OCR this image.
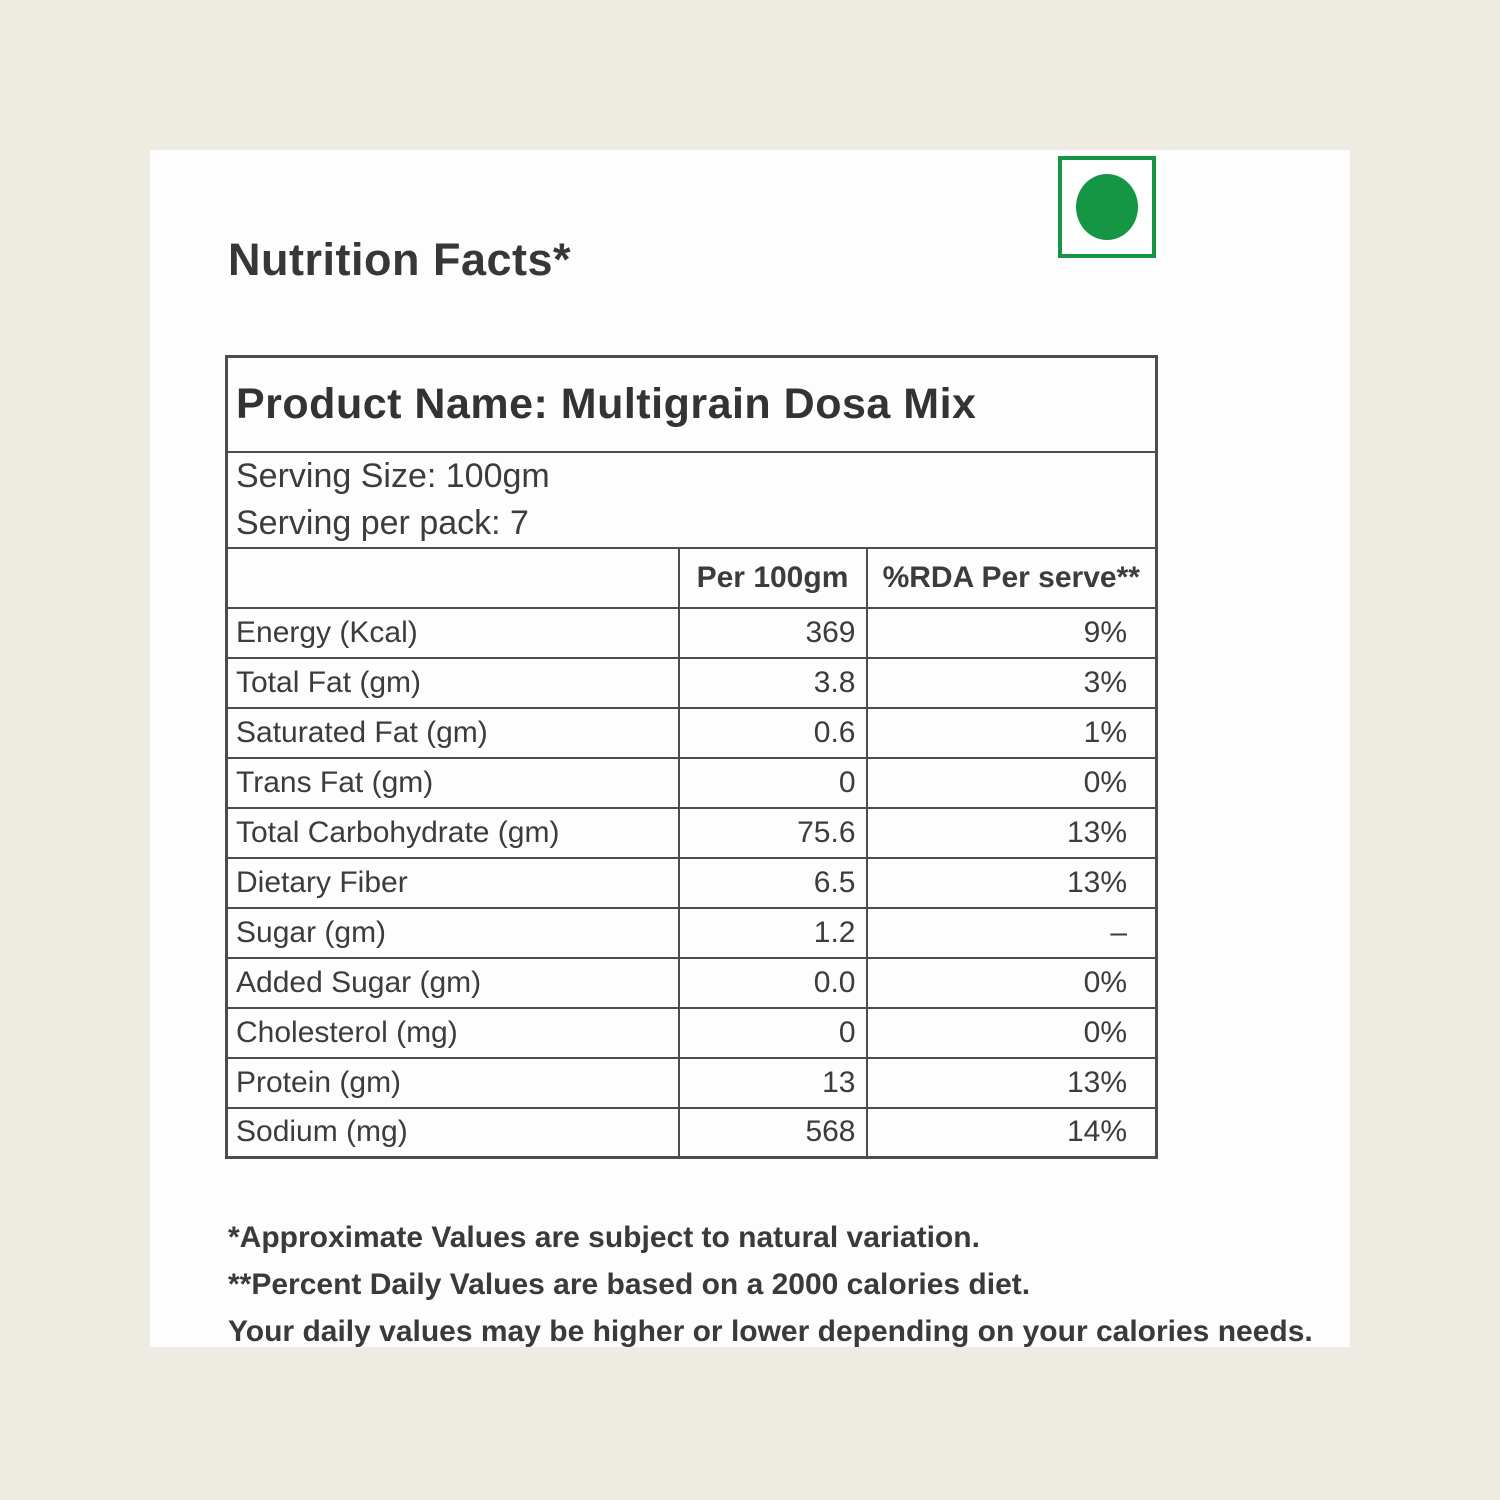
Nutrition Facts*
Product Name: Multigrain Dosa Mix		

Serving Size: 100gm
Serving per pack: 7		

	Per 100gm	%RDA Per serve**
Energy (Kcal)	369	9%
Total Fat (gm)	3.8	3%
Saturated Fat (gm)	0.6	1%
Trans Fat (gm)	0	0%
Total Carbohydrate (gm)	75.6	13%
Dietary Fiber	6.5	13%
Sugar (gm)	1.2	–
Added Sugar (gm)	0.0	0%
Cholesterol (mg)	0	0%
Protein (gm)	13	13%
Sodium (mg)	568	14%
*Approximate Values are subject to natural variation.
**Percent Daily Values are based on a 2000 calories diet.
Your daily values may be higher or lower depending on your calories needs.
